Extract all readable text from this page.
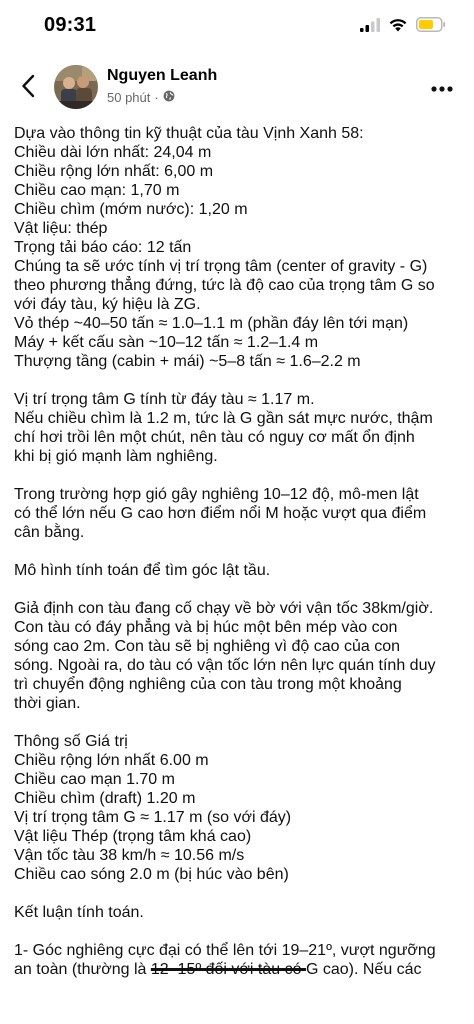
09:31
Nguyen Leanh
50 phút ·
Dựa vào thông tin kỹ thuật của tàu Vịnh Xanh 58:
Chiều dài lớn nhất: 24,04 m
Chiều rộng lớn nhất: 6,00 m
Chiều cao mạn: 1,70 m
Chiều chìm (mớm nước): 1,20 m
Vật liệu: thép
Trọng tải báo cáo: 12 tấn
Chúng ta sẽ ước tính vị trí trọng tâm (center of gravity - G)
theo phương thẳng đứng, tức là độ cao của trọng tâm G so
với đáy tàu, ký hiệu là ZG.
Vỏ thép ~40–50 tấn ≈ 1.0–1.1 m (phần đáy lên tới mạn)
Máy + kết cấu sàn ~10–12 tấn ≈ 1.2–1.4 m
Thượng tầng (cabin + mái) ~5–8 tấn ≈ 1.6–2.2 m
Vị trí trọng tâm G tính từ đáy tàu ≈ 1.17 m.
Nếu chiều chìm là 1.2 m, tức là G gần sát mực nước, thậm
chí hơi trồi lên một chút, nên tàu có nguy cơ mất ổn định
khi bị gió mạnh làm nghiêng.
Trong trường hợp gió gây nghiêng 10–12 độ, mô-men lật
có thể lớn nếu G cao hơn điểm nổi M hoặc vượt qua điểm
cân bằng.
Mô hình tính toán để tìm góc lật tầu.
Giả định con tàu đang cố chạy về bờ với vận tốc 38km/giờ.
Con tàu có đáy phẳng và bị húc một bên mép vào con
sóng cao 2m. Con tàu sẽ bị nghiêng vì độ cao của con
sóng. Ngoài ra, do tàu có vận tốc lớn nên lực quán tính duy
trì chuyển động nghiêng của con tàu trong một khoảng
thời gian.
Thông số Giá trị
Chiều rộng lớn nhất 6.00 m
Chiều cao mạn 1.70 m
Chiều chìm (draft) 1.20 m
Vị trí trọng tâm G ≈ 1.17 m (so với đáy)
Vật liệu Thép (trọng tâm khá cao)
Vận tốc tàu 38 km/h ≈ 10.56 m/s
Chiều cao sóng 2.0 m (bị húc vào bên)
Kết luận tính toán.
1- Góc nghiêng cực đại có thể lên tới 19–21º, vượt ngưỡng
an toàn (thường là 12–15º đối với tàu có G cao). Nếu các
